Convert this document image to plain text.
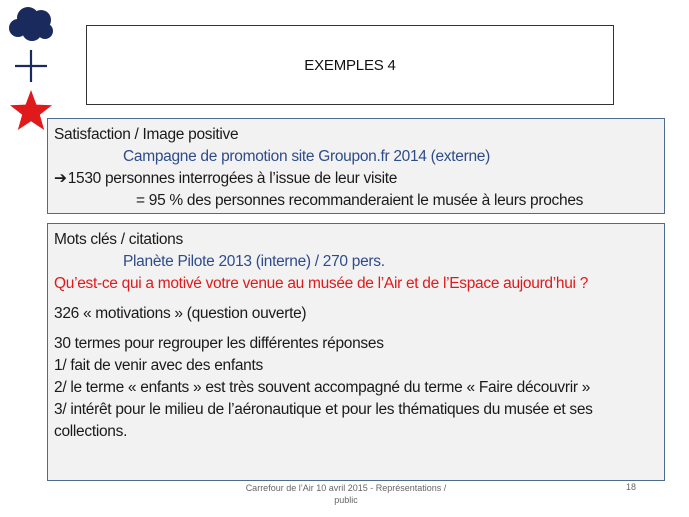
EXEMPLES 4
Satisfaction / Image positive
Campagne de promotion site Groupon.fr 2014 (externe)
➔1530 personnes interrogées à l’issue de leur visite
= 95 % des personnes recommanderaient le musée à leurs proches
Mots clés / citations
Planète Pilote 2013 (interne) / 270 pers.
Qu’est-ce qui a motivé votre venue au musée de l’Air et de l’Espace aujourd’hui ?
326 « motivations » (question ouverte)
30 termes pour regrouper les différentes réponses
1/ fait de venir avec des enfants
2/ le terme « enfants » est très souvent accompagné du terme « Faire découvrir »
3/ intérêt pour le milieu de l’aéronautique et pour les thématiques du musée et ses collections.
Carrefour de l’Air 10 avril 2015 - Représentations / public
18
